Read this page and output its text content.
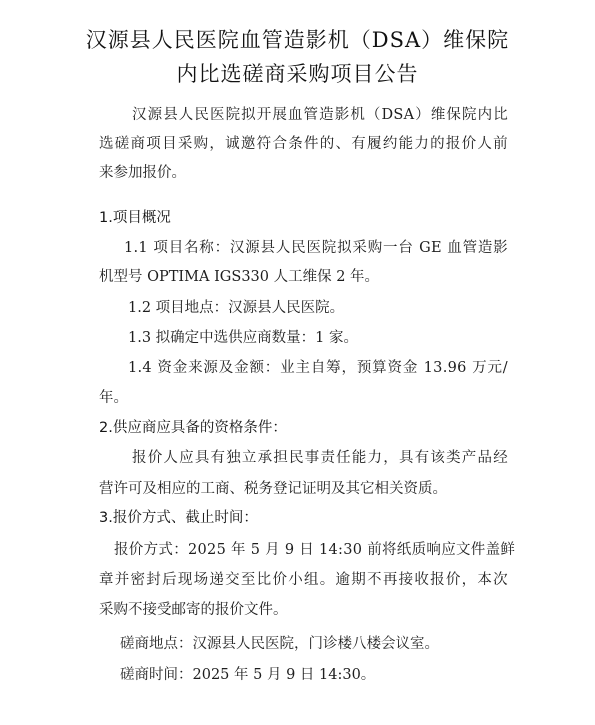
汉源县人民医院血管造影机（DSA）维保院
内比选磋商采购项目公告
汉源县人民医院拟开展血管造影机（DSA）维保院内比
选磋商项目采购，诚邀符合条件的、有履约能力的报价人前
来参加报价。
1.项目概况
1.1 项目名称：汉源县人民医院拟采购一台 GE 血管造影
机型号 OPTIMA IGS330 人工维保 2 年。
1.2 项目地点：汉源县人民医院。
1.3 拟确定中选供应商数量：1 家。
1.4 资金来源及金额：业主自筹，预算资金 13.96 万元/
年。
2.供应商应具备的资格条件：
报价人应具有独立承担民事责任能力，具有该类产品经
营许可及相应的工商、税务登记证明及其它相关资质。
3.报价方式、截止时间：
报价方式：2025 年 5 月 9 日 14:30 前将纸质响应文件盖鲜
章并密封后现场递交至比价小组。逾期不再接收报价，本次
采购不接受邮寄的报价文件。
磋商地点：汉源县人民医院，门诊楼八楼会议室。
磋商时间：2025 年 5 月 9 日 14:30。
